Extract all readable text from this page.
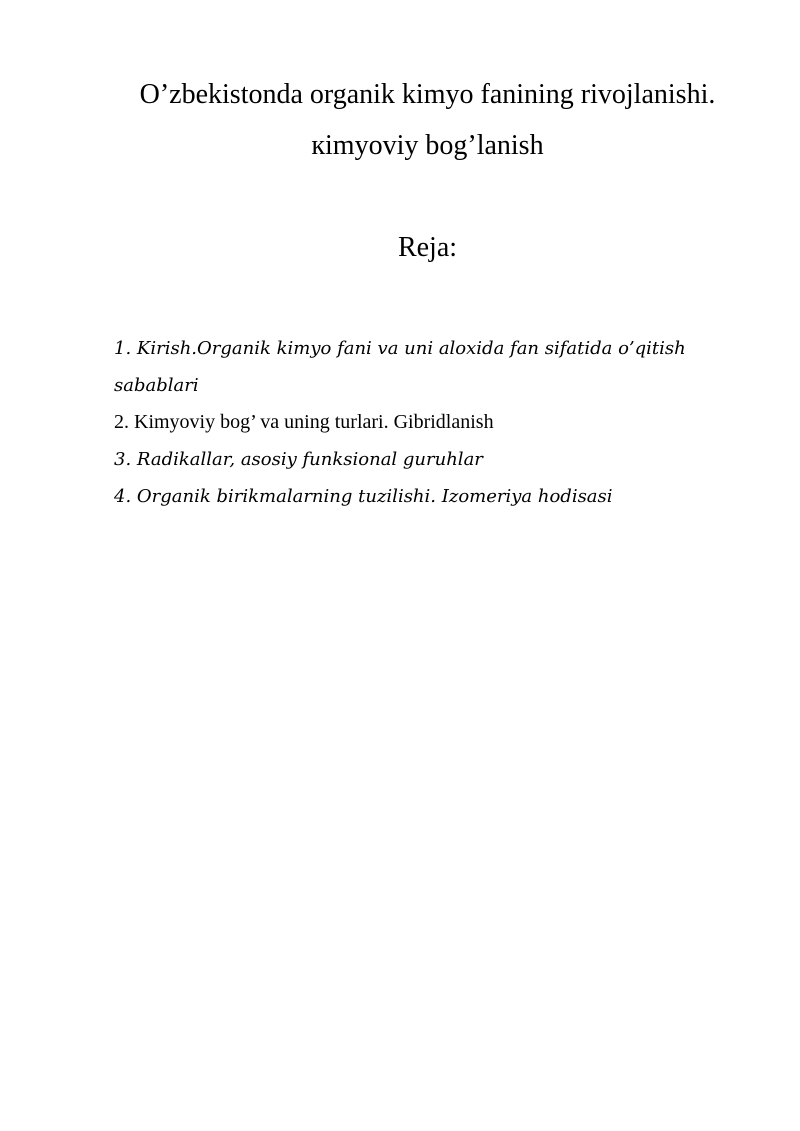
O’zbekistonda organik kimyo fanining rivojlanishi.
кimyoviy bog’lanish
Reja:

1. Kirish.Organik kimyo fani va uni aloxida fan sifatida o’qitish
sabablari

2. Kimyoviy bog’ va uning turlari. Gibridlanish

3. Radikallar, asosiy funksional guruhlar

4. Organik birikmalarning tuzilishi. Izomeriya hodisasi
